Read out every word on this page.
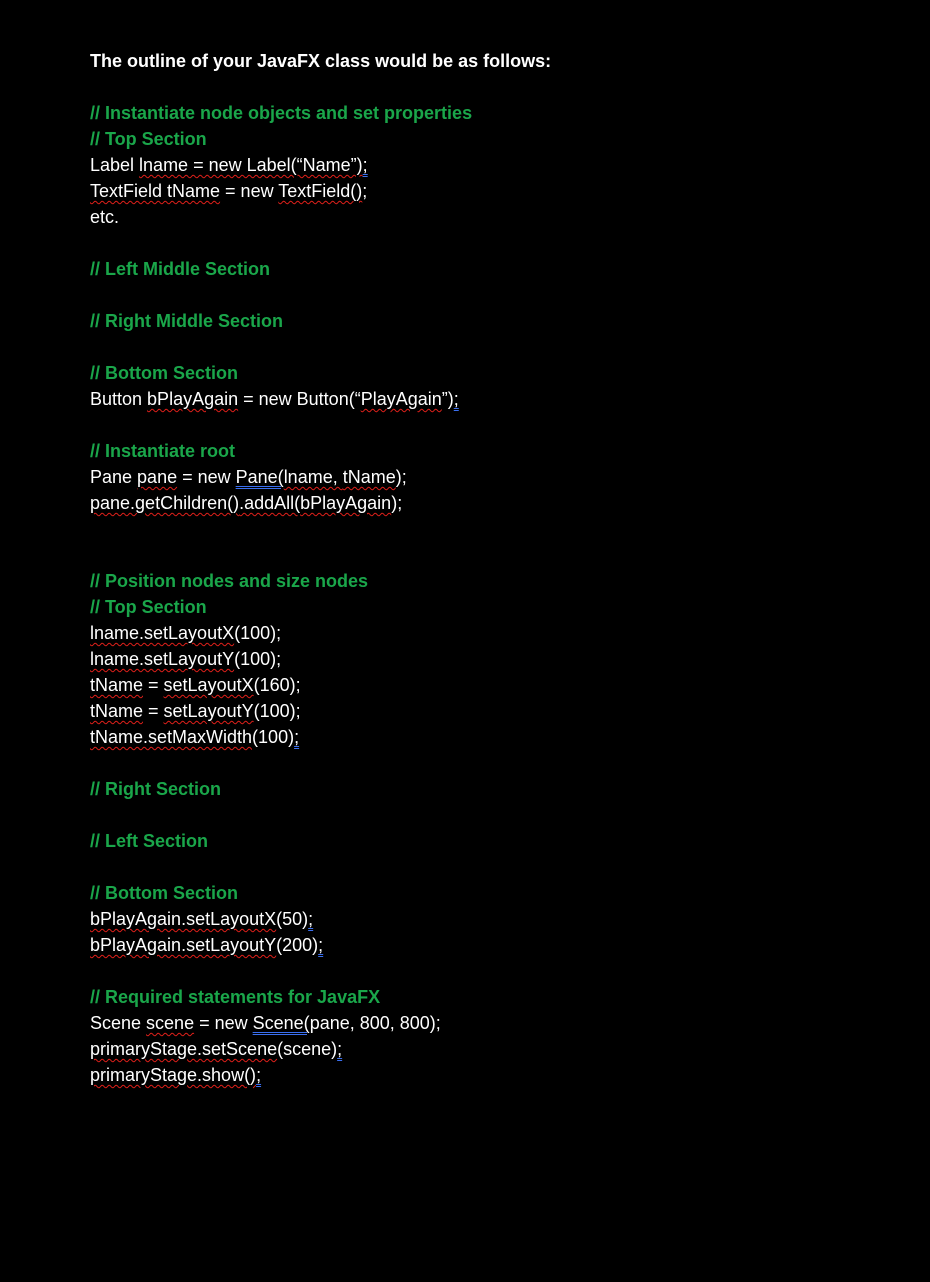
The outline of your JavaFX class would be as follows:
// Instantiate node objects and set properties
// Top Section
Label lname = new Label(“Name”);
TextField tName = new TextField();
etc.
// Left Middle Section
// Right Middle Section
// Bottom Section
Button bPlayAgain = new Button(“PlayAgain”);
// Instantiate root
Pane pane = new Pane(lname, tName);
pane.getChildren().addAll(bPlayAgain);
// Position nodes and size nodes
// Top Section
lname.setLayoutX(100);
lname.setLayoutY(100);
tName = setLayoutX(160);
tName = setLayoutY(100);
tName.setMaxWidth(100);
// Right Section
// Left Section
// Bottom Section
bPlayAgain.setLayoutX(50);
bPlayAgain.setLayoutY(200);
// Required statements for JavaFX
Scene scene = new Scene(pane, 800, 800);
primaryStage.setScene(scene);
primaryStage.show();
